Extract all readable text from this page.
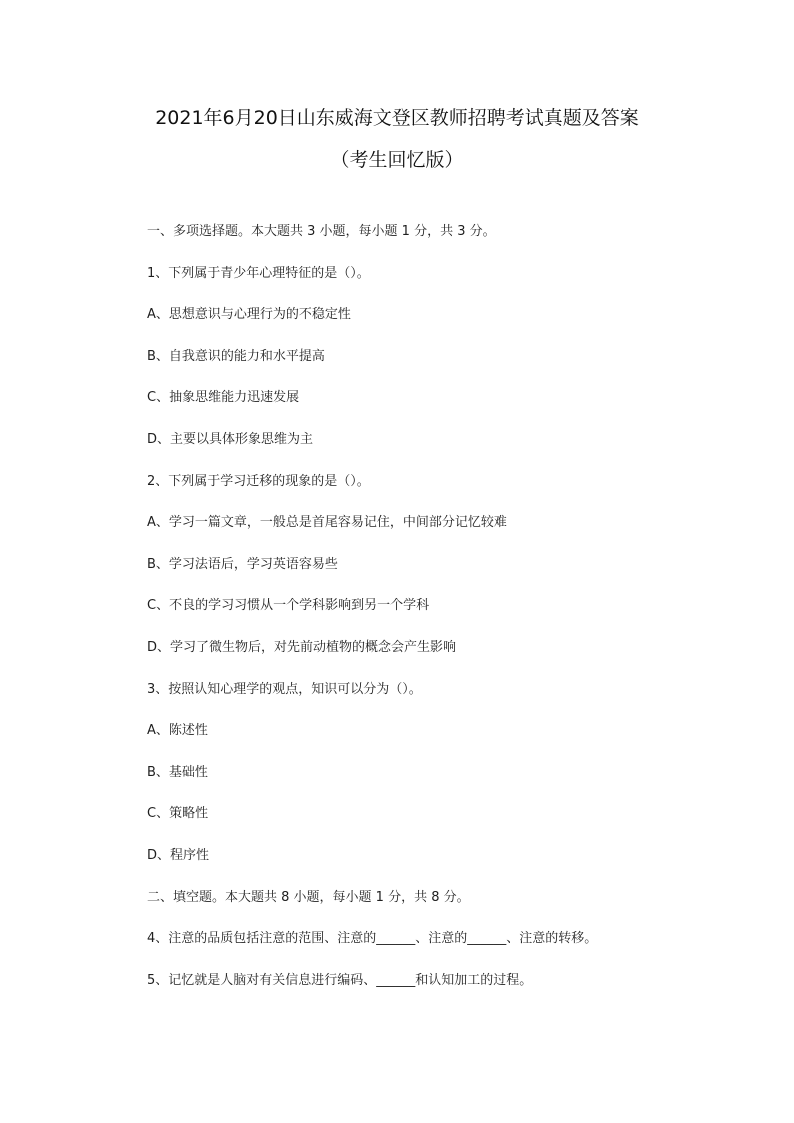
2021年6月20日山东威海文登区教师招聘考试真题及答案
（考生回忆版）
一、多项选择题。本大题共 3 小题，每小题 1 分，共 3 分。
1、下列属于青少年心理特征的是（）。
A、思想意识与心理行为的不稳定性
B、自我意识的能力和水平提高
C、抽象思维能力迅速发展
D、主要以具体形象思维为主
2、下列属于学习迁移的现象的是（）。
A、学习一篇文章，一般总是首尾容易记住，中间部分记忆较难
B、学习法语后，学习英语容易些
C、不良的学习习惯从一个学科影响到另一个学科
D、学习了微生物后，对先前动植物的概念会产生影响
3、按照认知心理学的观点，知识可以分为（）。
A、陈述性
B、基础性
C、策略性
D、程序性
二、填空题。本大题共 8 小题，每小题 1 分，共 8 分。
4、注意的品质包括注意的范围、注意的______、注意的______、注意的转移。
5、记忆就是人脑对有关信息进行编码、______和认知加工的过程。
